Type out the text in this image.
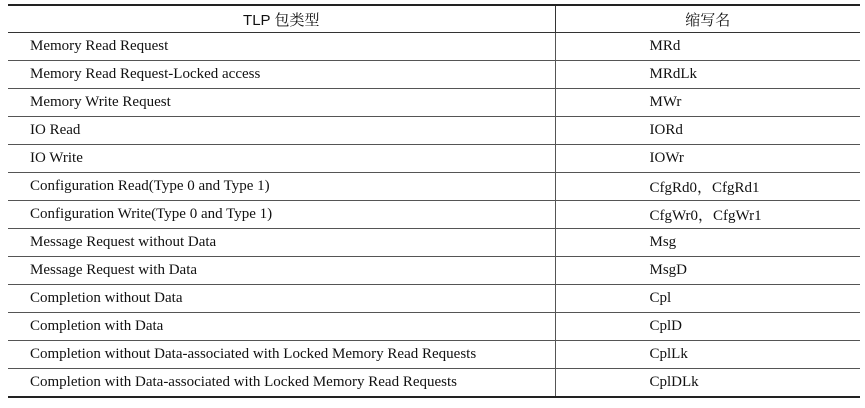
TLP 包类型	缩写名
Memory Read Request	MRd
Memory Read Request-Locked access	MRdLk
Memory Write Request	MWr
IO Read	IORd
IO Write	IOWr
Configuration Read(Type 0 and Type 1)	CfgRd0，CfgRd1
Configuration Write(Type 0 and Type 1)	CfgWr0，CfgWr1
Message Request without Data	Msg
Message Request with Data	MsgD
Completion without Data	Cpl
Completion with Data	CplD
Completion without Data-associated with Locked Memory Read Requests	CplLk
Completion with Data-associated with Locked Memory Read Requests	CplDLk
